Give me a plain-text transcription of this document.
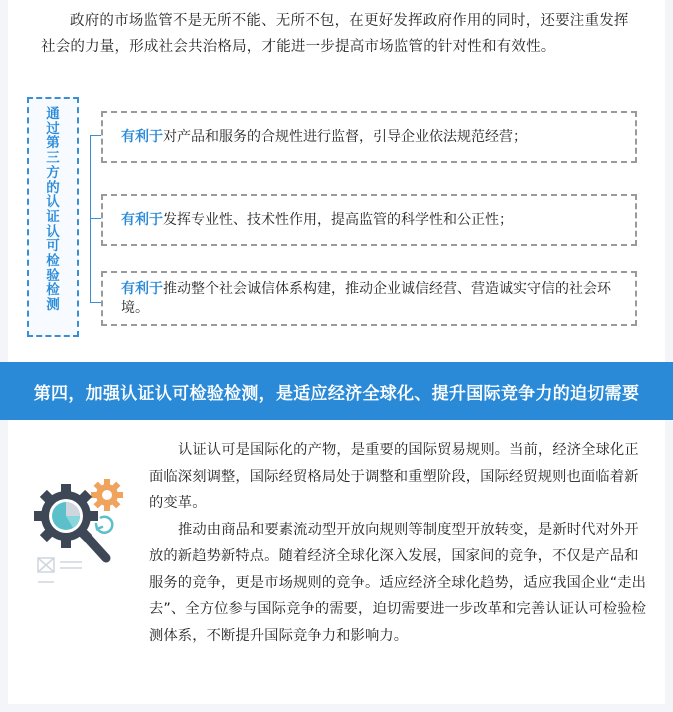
政府的市场监管不是无所不能、无所不包，在更好发挥政府作用的同时，还要注重发挥社会的力量，形成社会共治格局，才能进一步提高市场监管的针对性和有效性。

通过第三方的认证认可检验检测
有利于对产品和服务的合规性进行监督，引导企业依法规范经营；
有利于发挥专业性、技术性作用，提高监管的科学性和公正性；
有利于推动整个社会诚信体系构建，推动企业诚信经营、营造诚实守信的社会环境。
第四，加强认证认可检验检测，是适应经济全球化、提升国际竞争力的迫切需要

认证认可是国际化的产物，是重要的国际贸易规则。当前，经济全球化正面临深刻调整，国际经贸格局处于调整和重塑阶段，国际经贸规则也面临着新的变革。

推动由商品和要素流动型开放向规则等制度型开放转变，是新时代对外开放的新趋势新特点。随着经济全球化深入发展，国家间的竞争，不仅是产品和服务的竞争，更是市场规则的竞争。适应经济全球化趋势，适应我国企业“走出去”、全方位参与国际竞争的需要，迫切需要进一步改革和完善认证认可检验检测体系，不断提升国际竞争力和影响力。
